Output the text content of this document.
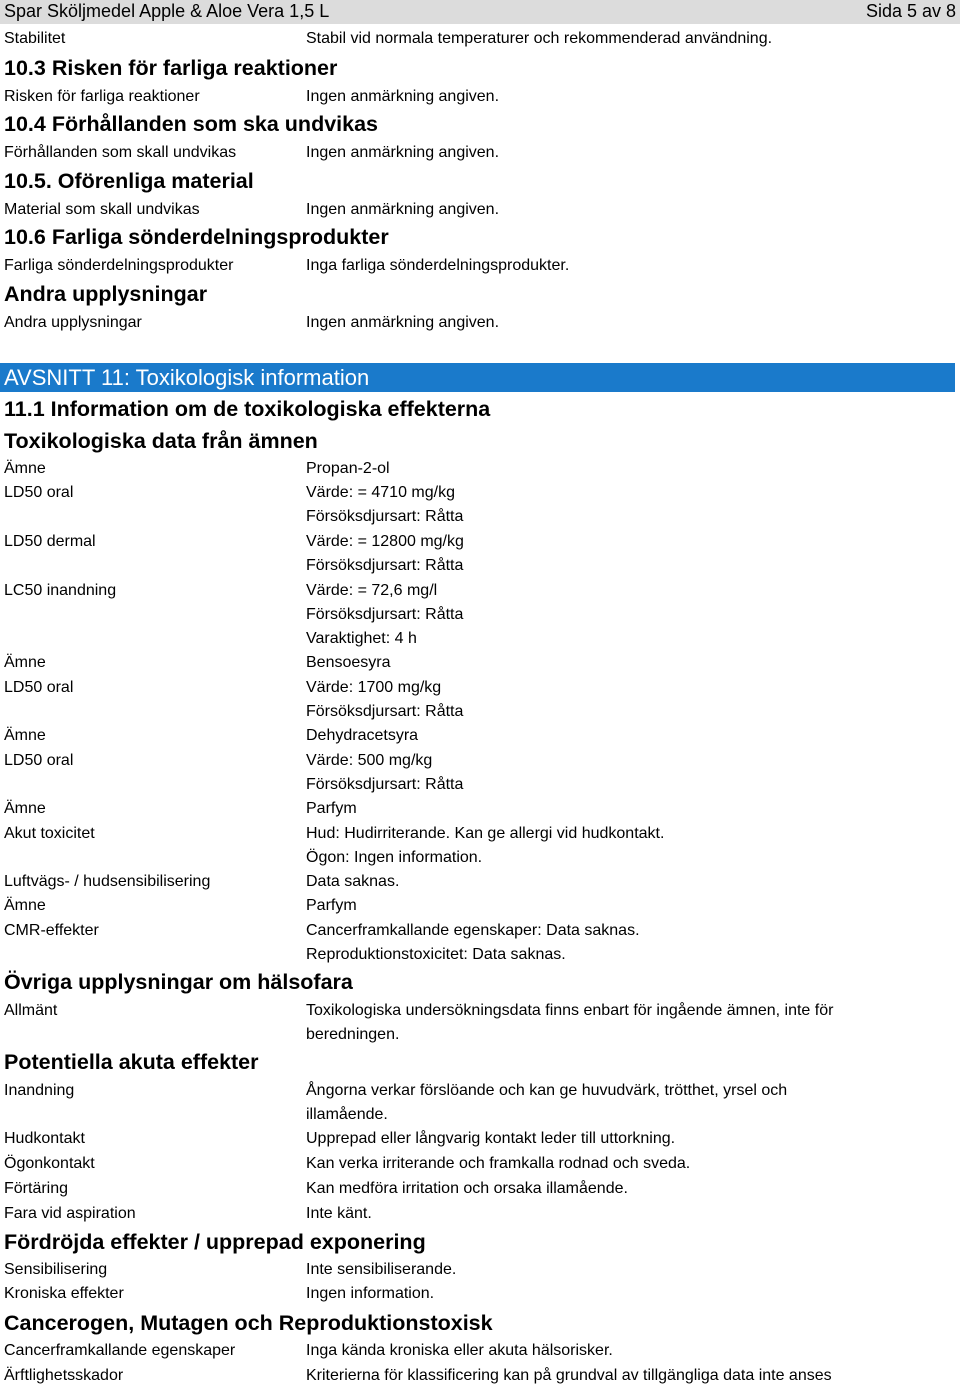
Spar Sköljmedel Apple & Aloe Vera 1,5 L	Sida 5 av 8
Stabilitet	Stabil vid normala temperaturer och rekommenderad användning.
10.3 Risken för farliga reaktioner
Risken för farliga reaktioner	Ingen anmärkning angiven.
10.4 Förhållanden som ska undvikas
Förhållanden som skall undvikas	Ingen anmärkning angiven.
10.5. Oförenliga material
Material som skall undvikas	Ingen anmärkning angiven.
10.6 Farliga sönderdelningsprodukter
Farliga sönderdelningsprodukter	Inga farliga sönderdelningsprodukter.
Andra upplysningar
Andra upplysningar	Ingen anmärkning angiven.
AVSNITT 11: Toxikologisk information
11.1 Information om de toxikologiska effekterna
Toxikologiska data från ämnen
Ämne	Propan-2-ol
LD50 oral	Värde: = 4710 mg/kg
Försöksdjursart: Råtta
LD50 dermal	Värde: = 12800 mg/kg
Försöksdjursart: Råtta
LC50 inandning	Värde: = 72,6 mg/l
Försöksdjursart: Råtta
Varaktighet: 4 h
Ämne	Bensoesyra
LD50 oral	Värde: 1700 mg/kg
Försöksdjursart: Råtta
Ämne	Dehydracetsyra
LD50 oral	Värde: 500 mg/kg
Försöksdjursart: Råtta
Ämne	Parfym
Akut toxicitet	Hud: Hudirriterande. Kan ge allergi vid hudkontakt.
Ögon: Ingen information.
Luftvägs- / hudsensibilisering	Data saknas.
Ämne	Parfym
CMR-effekter	Cancerframkallande egenskaper: Data saknas.
Reproduktionstoxicitet: Data saknas.
Övriga upplysningar om hälsofara
Allmänt	Toxikologiska undersökningsdata finns enbart för ingående ämnen, inte för
beredningen.
Potentiella akuta effekter
Inandning	Ångorna verkar förslöande och kan ge huvudvärk, trötthet, yrsel och
illamående.
Hudkontakt	Upprepad eller långvarig kontakt leder till uttorkning.
Ögonkontakt	Kan verka irriterande och framkalla rodnad och sveda.
Förtäring	Kan medföra irritation och orsaka illamående.
Fara vid aspiration	Inte känt.
Fördröjda effekter / upprepad exponering
Sensibilisering	Inte sensibiliserande.
Kroniska effekter	Ingen information.
Cancerogen, Mutagen och Reproduktionstoxisk
Cancerframkallande egenskaper	Inga kända kroniska eller akuta hälsorisker.
Ärftlighetsskador	Kriterierna för klassificering kan på grundval av tillgängliga data inte anses
